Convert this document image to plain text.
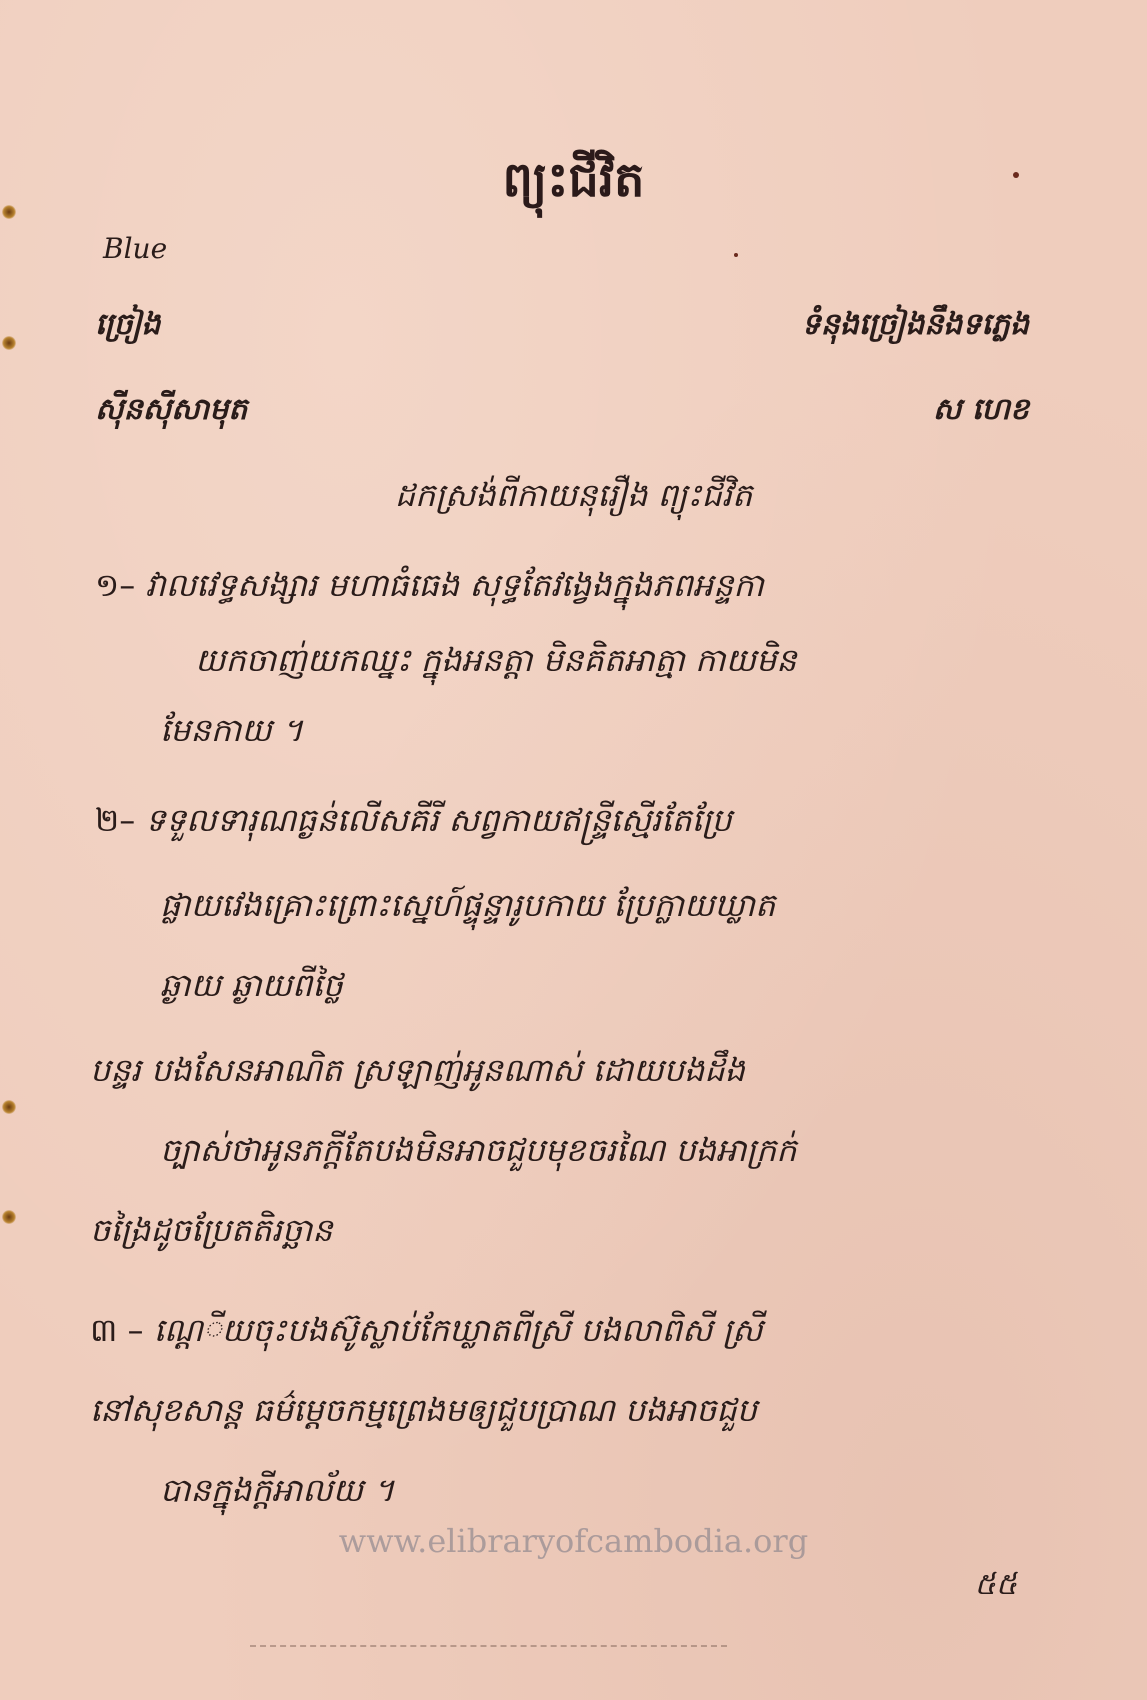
ព្យុះជីវិត
Blue
ច្រៀង	ទំនុងច្រៀងនឹងទភ្លេង
ស៊ីនស៊ីសាមុត	ស ហេខ
ដកស្រង់ពីកាយនុរឿង ព្យុះជីវិត
១– វាលវេទ្ធសង្សារ មហាធំធេង សុទ្ធតែវង្វេងក្នុងភពអន្ទកា
យកចាញ់យកឈ្នះ ក្នុងអនត្តា មិនគិតអាត្មា កាយមិន
មែនកាយ ។
២– ទទួលទារុណធ្ងន់លើសគីរី សព្វកាយឥន្ទ្រីស្មើរតែប្រែ
ផ្លាយវេងគ្រោះព្រោះស្នេហ៍ផ្ទុន្ទារូបកាយ ប្រែក្លាយឃ្លាត
ឆ្ងាយ ឆ្ងាយពីថ្លៃ
បន្ទរ បងសែនអាណិត ស្រឡាញ់អូនណាស់ ដោយបងដឹង
ច្បាស់ថាអូនភក្តីតែបងមិនអាចជួបមុខចរណៃ បងអាក្រក់
ចង្រៃដូចប្រែតតិរច្ឆាន
៣ – ណេ្តីយចុះបងស៊ូស្លាប់កែឃ្លាតពីស្រី បងលាពិសី ស្រី
នៅសុខសាន្ត ធម៌ម្តេចកម្មព្រេងមឲ្យជួបប្រាណ បងអាចជួប
បានក្នុងក្តីអាល័យ ។
www.elibraryofcambodia.org
៥៥
